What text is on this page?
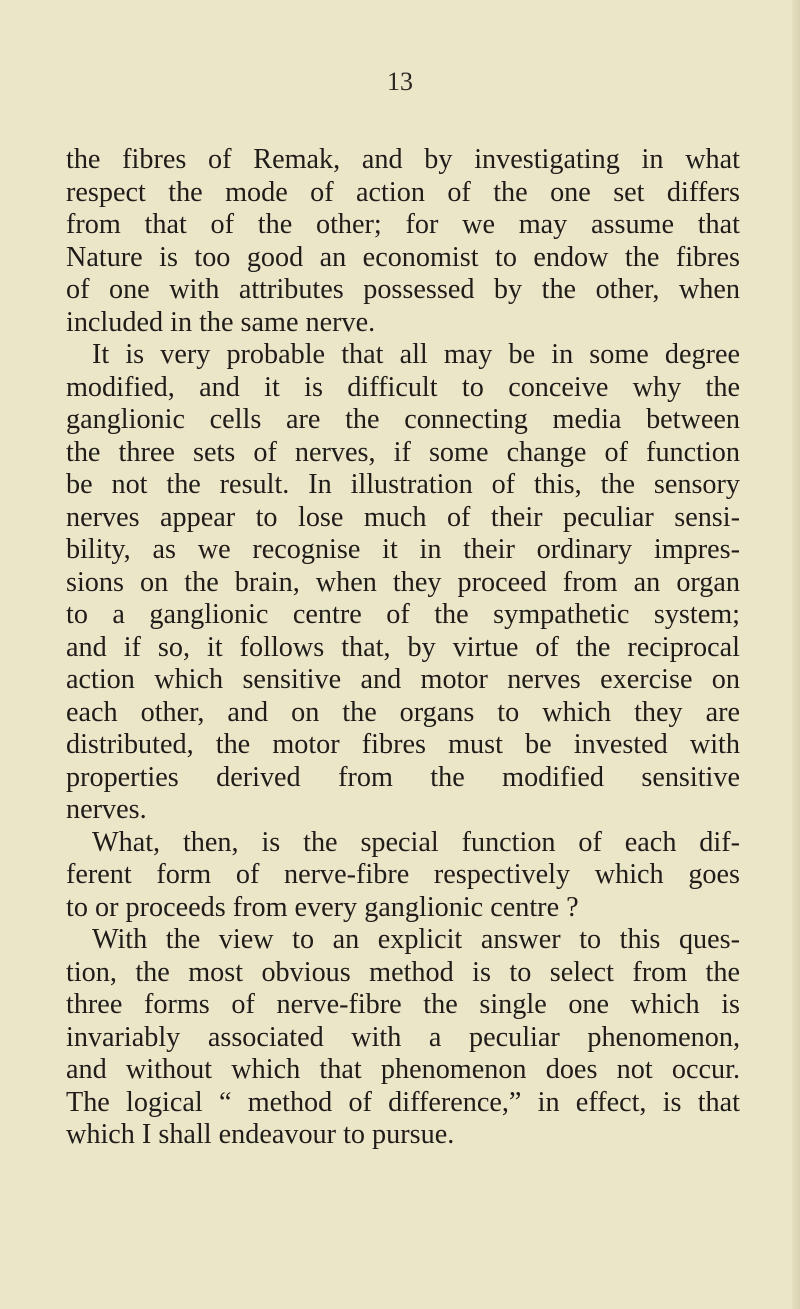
13
the fibres of Remak, and by investigating in what
respect the mode of action of the one set differs
from that of the other; for we may assume that
Nature is too good an economist to endow the fibres
of one with attributes possessed by the other, when
included in the same nerve.
It is very probable that all may be in some degree
modified, and it is difficult to conceive why the
ganglionic cells are the connecting media between
the three sets of nerves, if some change of function
be not the result. In illustration of this, the sensory
nerves appear to lose much of their peculiar sensi-
bility, as we recognise it in their ordinary impres-
sions on the brain, when they proceed from an organ
to a ganglionic centre of the sympathetic system;
and if so, it follows that, by virtue of the reciprocal
action which sensitive and motor nerves exercise on
each other, and on the organs to which they are
distributed, the motor fibres must be invested with
properties derived from the modified sensitive
nerves.
What, then, is the special function of each dif-
ferent form of nerve-fibre respectively which goes
to or proceeds from every ganglionic centre ?
With the view to an explicit answer to this ques-
tion, the most obvious method is to select from the
three forms of nerve-fibre the single one which is
invariably associated with a peculiar phenomenon,
and without which that phenomenon does not occur.
The logical “ method of difference,” in effect, is that
which I shall endeavour to pursue.
